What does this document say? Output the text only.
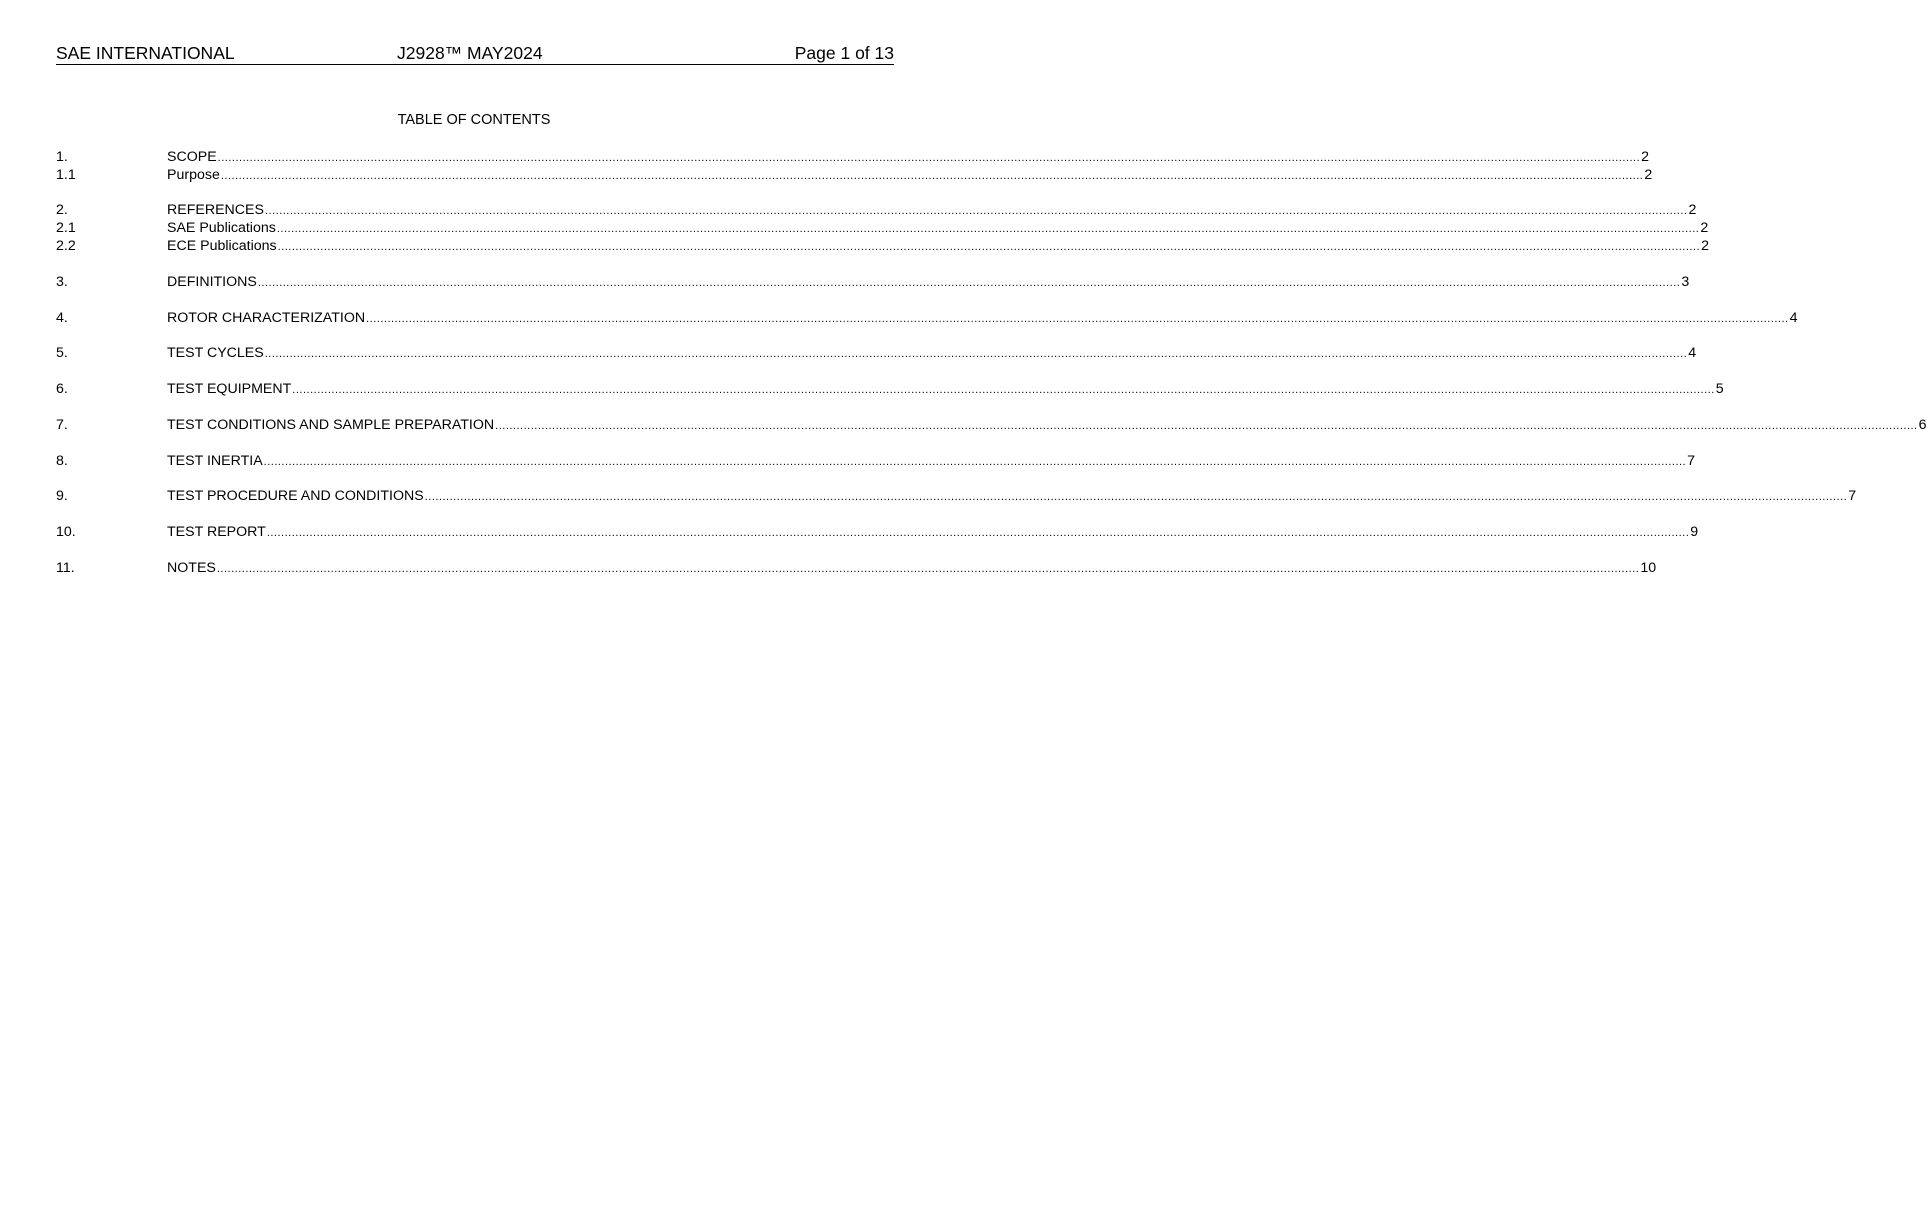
SAE INTERNATIONAL	J2928™ MAY2024	Page 1 of 13
TABLE OF CONTENTS
1.	SCOPE ................................................................................................................................................................................................................................................................................................................................................................................................................ 2
1.1	Purpose ................................................................................................................................................................................................................................................................................................................................................................................................................ 2
2.	REFERENCES ................................................................................................................................................................................................................................................................................................................................................................................................................ 2
2.1	SAE Publications ................................................................................................................................................................................................................................................................................................................................................................................................................ 2
2.2	ECE Publications ................................................................................................................................................................................................................................................................................................................................................................................................................ 2
3.	DEFINITIONS ................................................................................................................................................................................................................................................................................................................................................................................................................ 3
4.	ROTOR CHARACTERIZATION ................................................................................................................................................................................................................................................................................................................................................................................................................ 4
5.	TEST CYCLES ................................................................................................................................................................................................................................................................................................................................................................................................................ 4
6.	TEST EQUIPMENT ................................................................................................................................................................................................................................................................................................................................................................................................................ 5
7.	TEST CONDITIONS AND SAMPLE PREPARATION ................................................................................................................................................................................................................................................................................................................................................................................................................ 6
8.	TEST INERTIA ................................................................................................................................................................................................................................................................................................................................................................................................................ 7
9.	TEST PROCEDURE AND CONDITIONS ................................................................................................................................................................................................................................................................................................................................................................................................................ 7
10.	TEST REPORT ................................................................................................................................................................................................................................................................................................................................................................................................................ 9
11.	NOTES ................................................................................................................................................................................................................................................................................................................................................................................................................ 10
